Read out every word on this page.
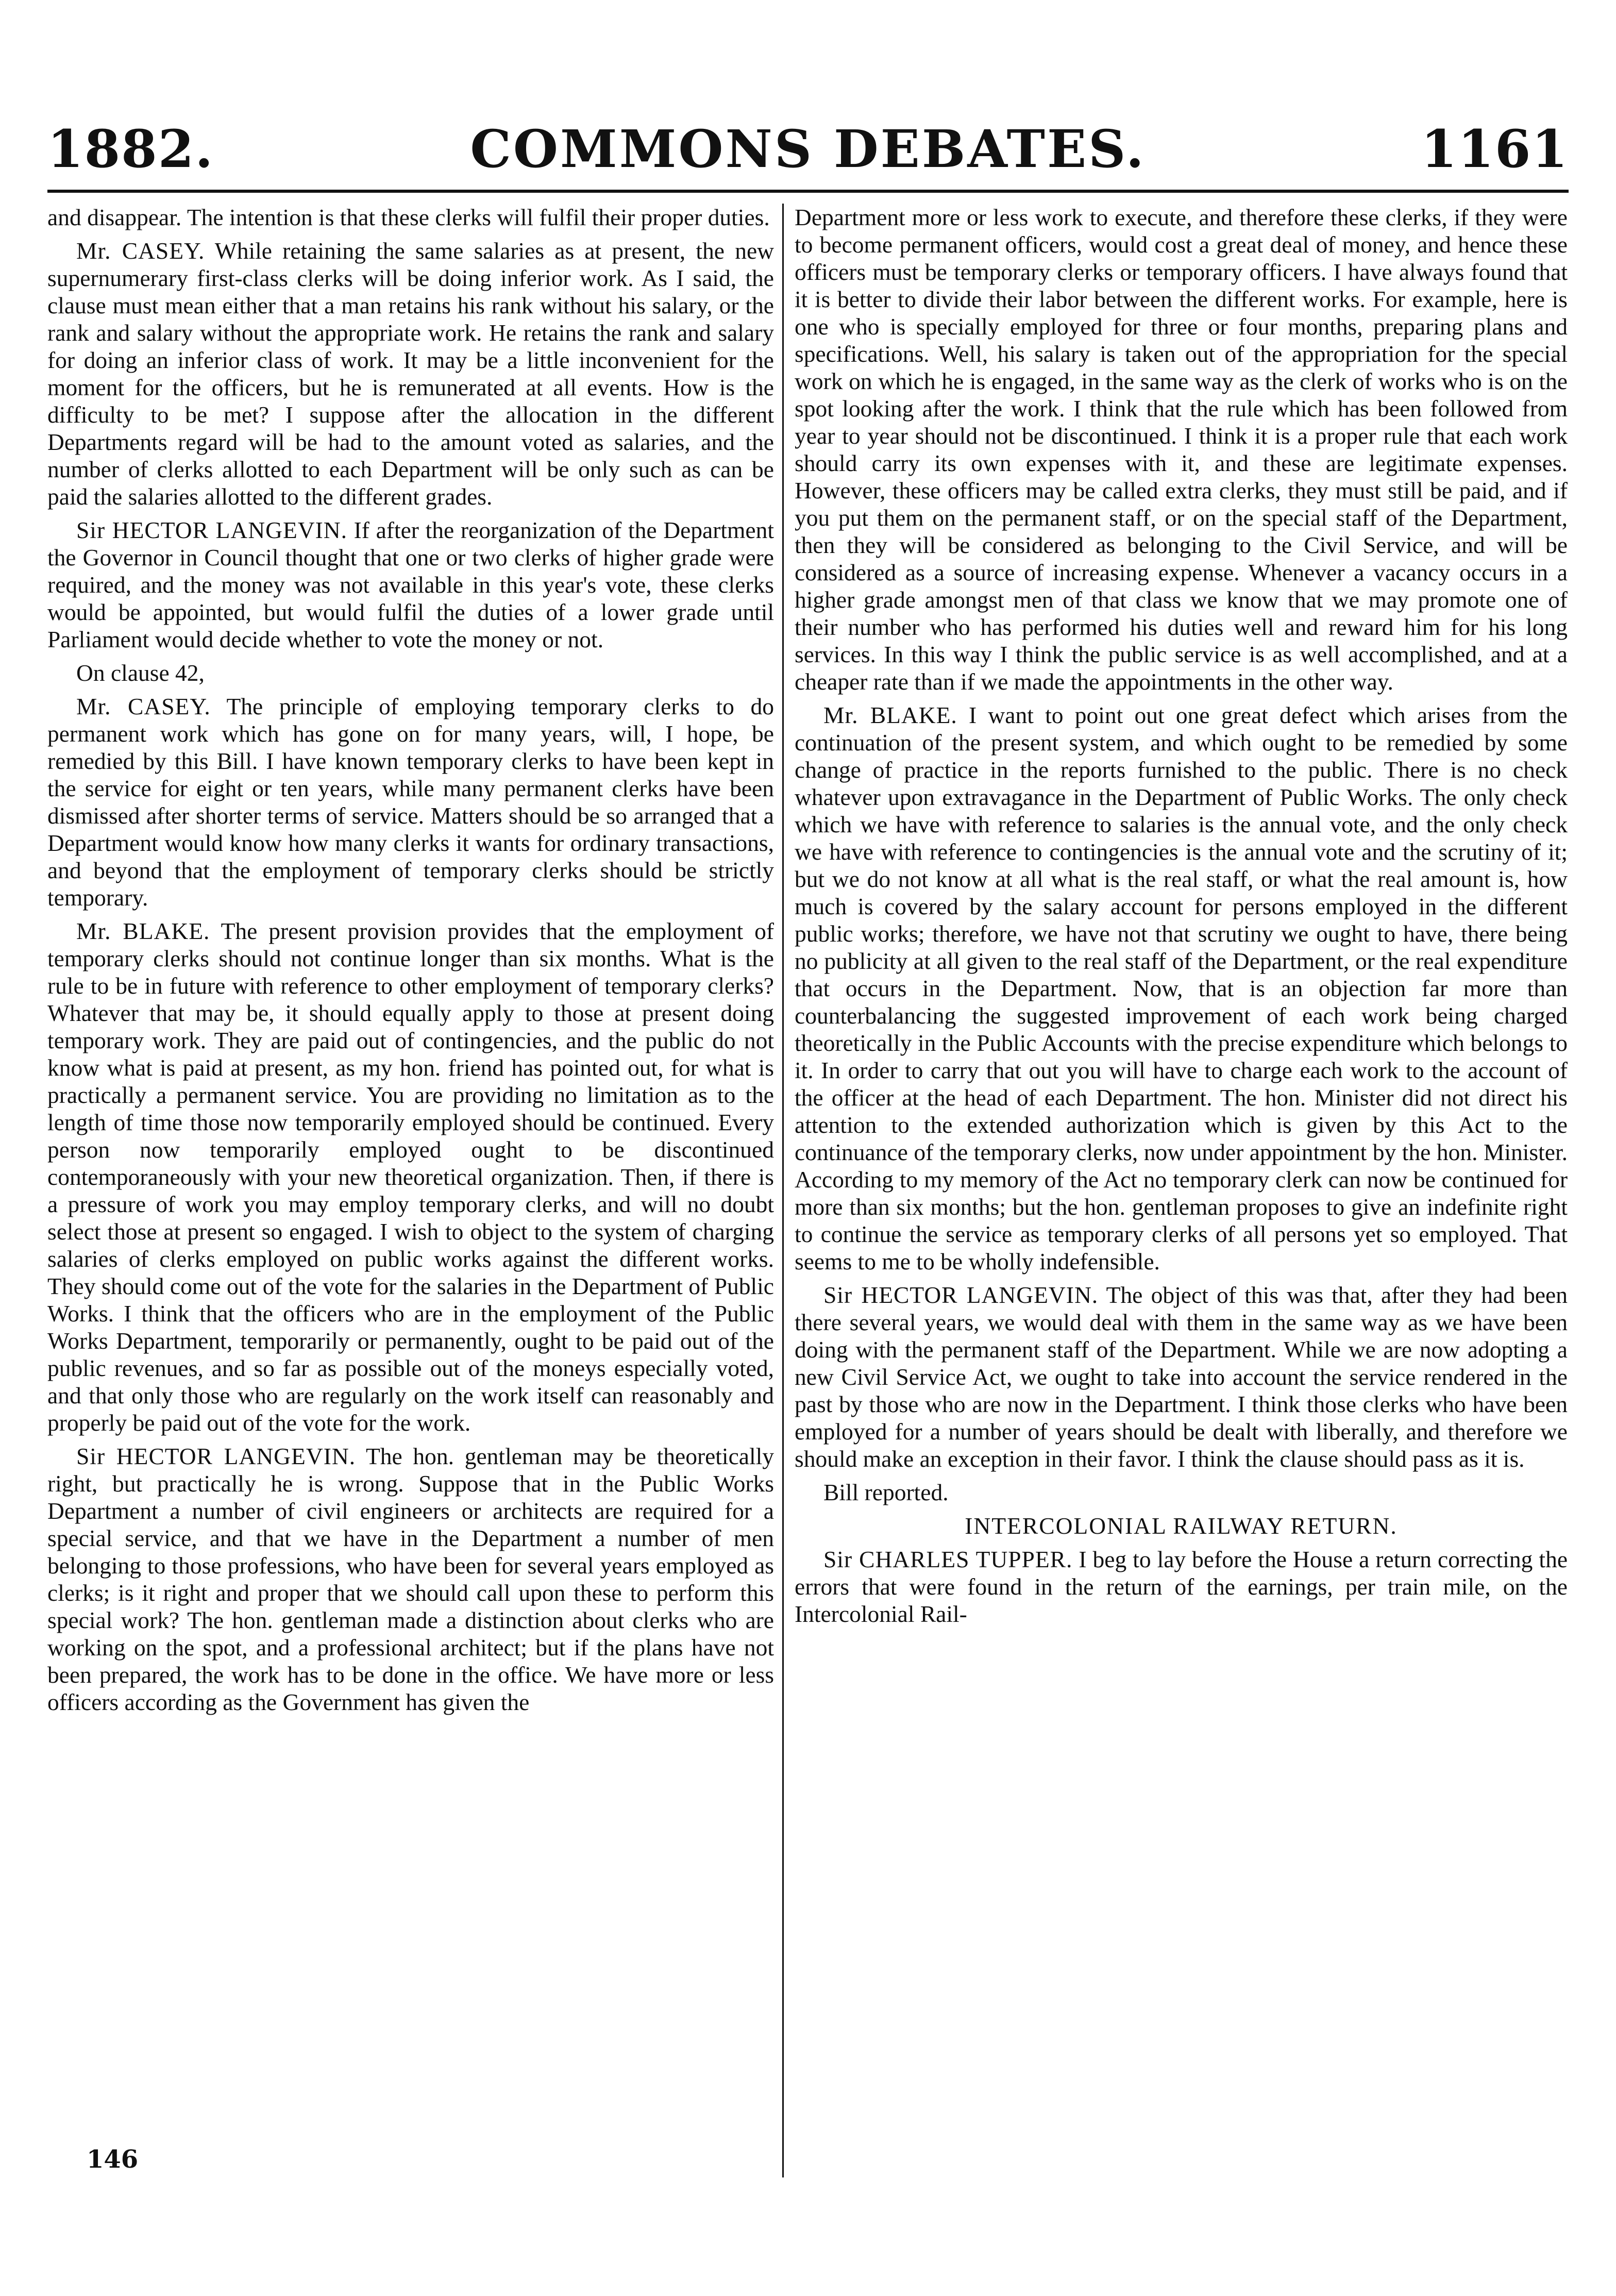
1882.	COMMONS DEBATES.	1161

and disappear. The intention is that these clerks will fulfil their proper duties.

Mr. CASEY. While retaining the same salaries as at present, the new supernumerary first-class clerks will be doing inferior work. As I said, the clause must mean either that a man retains his rank without his salary, or the rank and salary without the appropriate work. He retains the rank and salary for doing an inferior class of work. It may be a little inconvenient for the moment for the officers, but he is remunerated at all events. How is the difficulty to be met? I suppose after the allocation in the different Departments regard will be had to the amount voted as salaries, and the number of clerks allotted to each Department will be only such as can be paid the salaries allotted to the different grades.

Sir HECTOR LANGEVIN. If after the reorganization of the Department the Governor in Council thought that one or two clerks of higher grade were required, and the money was not available in this year's vote, these clerks would be appointed, but would fulfil the duties of a lower grade until Parliament would decide whether to vote the money or not.

On clause 42,

Mr. CASEY. The principle of employing temporary clerks to do permanent work which has gone on for many years, will, I hope, be remedied by this Bill. I have known temporary clerks to have been kept in the service for eight or ten years, while many permanent clerks have been dismissed after shorter terms of service. Matters should be so arranged that a Department would know how many clerks it wants for ordinary transactions, and beyond that the employment of temporary clerks should be strictly temporary.

Mr. BLAKE. The present provision provides that the employment of temporary clerks should not continue longer than six months. What is the rule to be in future with reference to other employment of temporary clerks? Whatever that may be, it should equally apply to those at present doing temporary work. They are paid out of contingencies, and the public do not know what is paid at present, as my hon. friend has pointed out, for what is practically a permanent service. You are providing no limitation as to the length of time those now temporarily employed should be continued. Every person now temporarily employed ought to be discontinued contemporaneously with your new theoretical organization. Then, if there is a pressure of work you may employ temporary clerks, and will no doubt select those at present so engaged. I wish to object to the system of charging salaries of clerks employed on public works against the different works. They should come out of the vote for the salaries in the Department of Public Works. I think that the officers who are in the employment of the Public Works Department, temporarily or permanently, ought to be paid out of the public revenues, and so far as possible out of the moneys especially voted, and that only those who are regularly on the work itself can reasonably and properly be paid out of the vote for the work.

Sir HECTOR LANGEVIN. The hon. gentleman may be theoretically right, but practically he is wrong. Suppose that in the Public Works Department a number of civil engineers or architects are required for a special service, and that we have in the Department a number of men belonging to those professions, who have been for several years employed as clerks; is it right and proper that we should call upon these to perform this special work? The hon. gentleman made a distinction about clerks who are working on the spot, and a professional architect; but if the plans have not been prepared, the work has to be done in the office. We have more or less officers according as the Government has given the

Department more or less work to execute, and therefore these clerks, if they were to become permanent officers, would cost a great deal of money, and hence these officers must be temporary clerks or temporary officers. I have always found that it is better to divide their labor between the different works. For example, here is one who is specially employed for three or four months, preparing plans and specifications. Well, his salary is taken out of the appropriation for the special work on which he is engaged, in the same way as the clerk of works who is on the spot looking after the work. I think that the rule which has been followed from year to year should not be discontinued. I think it is a proper rule that each work should carry its own expenses with it, and these are legitimate expenses. However, these officers may be called extra clerks, they must still be paid, and if you put them on the permanent staff, or on the special staff of the Department, then they will be considered as belonging to the Civil Service, and will be considered as a source of increasing expense. Whenever a vacancy occurs in a higher grade amongst men of that class we know that we may promote one of their number who has performed his duties well and reward him for his long services. In this way I think the public service is as well accomplished, and at a cheaper rate than if we made the appointments in the other way.

Mr. BLAKE. I want to point out one great defect which arises from the continuation of the present system, and which ought to be remedied by some change of practice in the reports furnished to the public. There is no check whatever upon extravagance in the Department of Public Works. The only check which we have with reference to salaries is the annual vote, and the only check we have with reference to contingencies is the annual vote and the scrutiny of it; but we do not know at all what is the real staff, or what the real amount is, how much is covered by the salary account for persons employed in the different public works; therefore, we have not that scrutiny we ought to have, there being no publicity at all given to the real staff of the Department, or the real expenditure that occurs in the Department. Now, that is an objection far more than counterbalancing the suggested improvement of each work being charged theoretically in the Public Accounts with the precise expenditure which belongs to it. In order to carry that out you will have to charge each work to the account of the officer at the head of each Department. The hon. Minister did not direct his attention to the extended authorization which is given by this Act to the continuance of the temporary clerks, now under appointment by the hon. Minister. According to my memory of the Act no temporary clerk can now be continued for more than six months; but the hon. gentleman proposes to give an indefinite right to continue the service as temporary clerks of all persons yet so employed. That seems to me to be wholly indefensible.

Sir HECTOR LANGEVIN. The object of this was that, after they had been there several years, we would deal with them in the same way as we have been doing with the permanent staff of the Department. While we are now adopting a new Civil Service Act, we ought to take into account the service rendered in the past by those who are now in the Department. I think those clerks who have been employed for a number of years should be dealt with liberally, and therefore we should make an exception in their favor. I think the clause should pass as it is.

Bill reported.

INTERCOLONIAL RAILWAY RETURN.

Sir CHARLES TUPPER. I beg to lay before the House a return correcting the errors that were found in the return of the earnings, per train mile, on the Intercolonial Rail-

146
